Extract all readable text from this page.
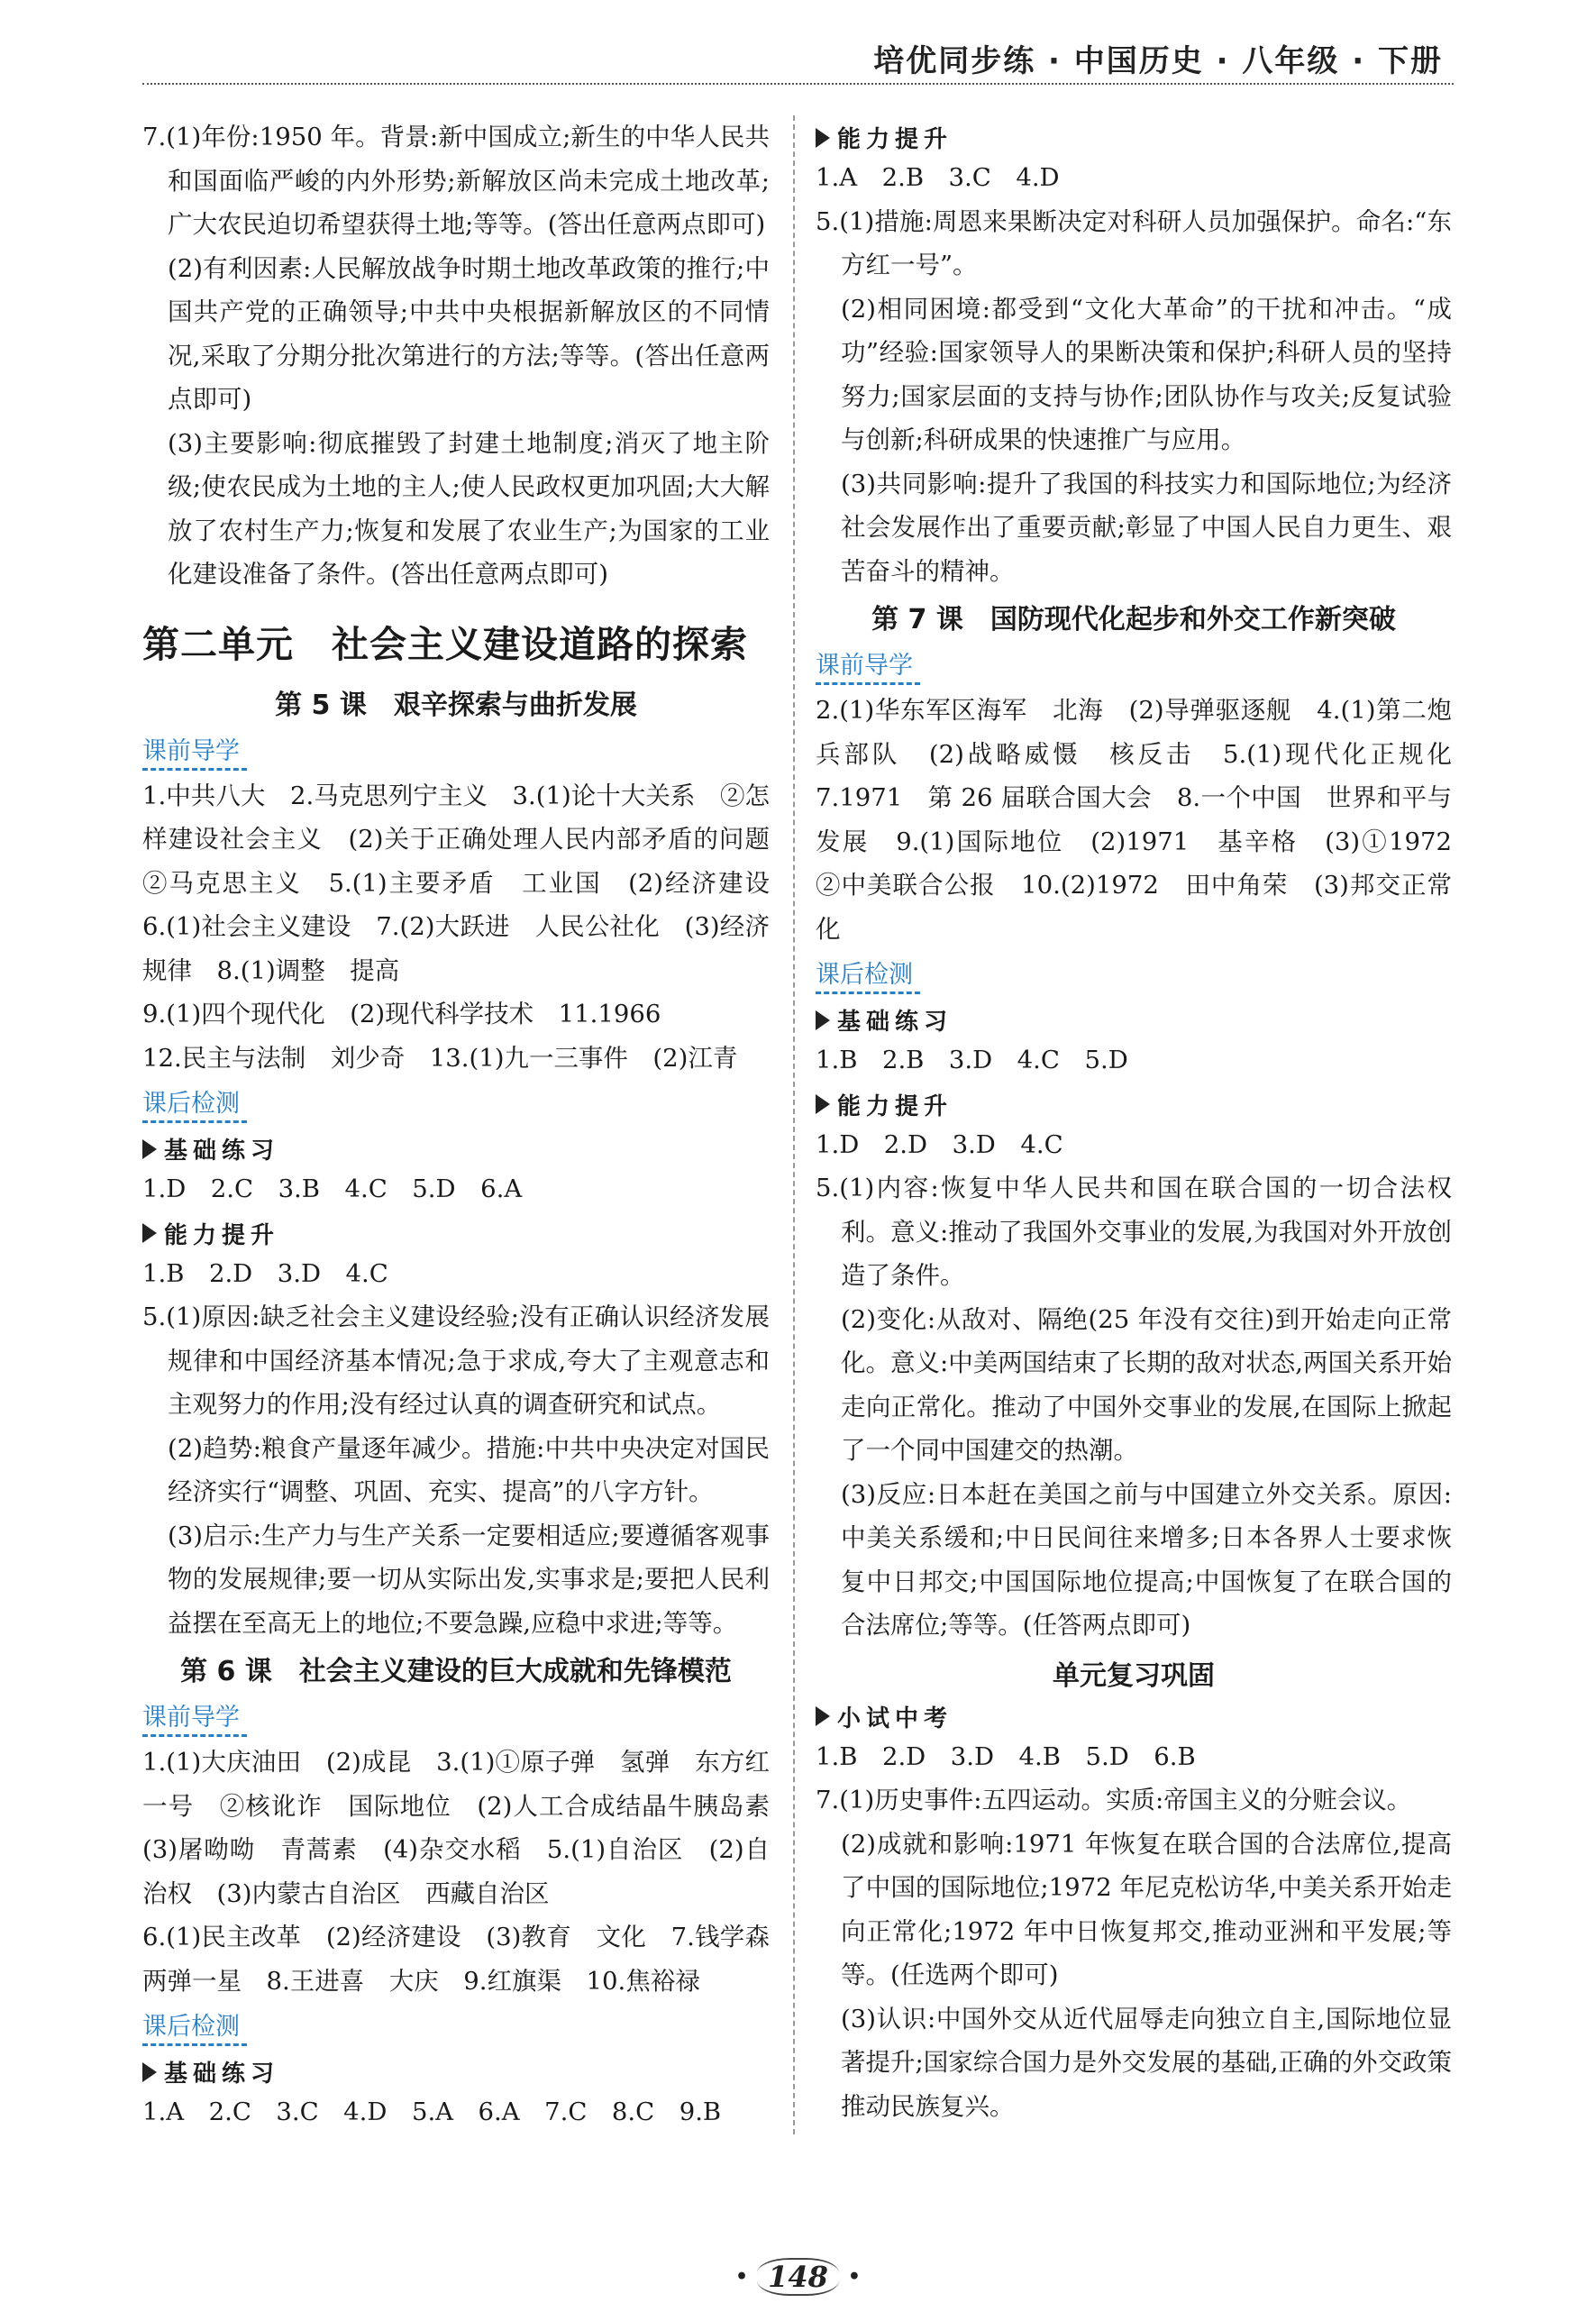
培优同步练 · 中国历史 · 八年级 · 下册

7.(1)年份:1950 年。背景:新中国成立;新生的中华人民共和国面临严峻的内外形势;新解放区尚未完成土地改革;广大农民迫切希望获得土地;等等。(答出任意两点即可)

(2)有利因素:人民解放战争时期土地改革政策的推行;中国共产党的正确领导;中共中央根据新解放区的不同情况,采取了分期分批次第进行的方法;等等。(答出任意两点即可)

(3)主要影响:彻底摧毁了封建土地制度;消灭了地主阶级;使农民成为土地的主人;使人民政权更加巩固;大大解放了农村生产力;恢复和发展了农业生产;为国家的工业化建设准备了条件。(答出任意两点即可)

第二单元　社会主义建设道路的探索
第 5 课　艰辛探索与曲折发展
课前导学

1.中共八大　2.马克思列宁主义　3.(1)论十大关系　②怎样建设社会主义　(2)关于正确处理人民内部矛盾的问题　②马克思主义　5.(1)主要矛盾　工业国　(2)经济建设　6.(1)社会主义建设　7.(2)大跃进　人民公社化　(3)经济规律　8.(1)调整　提高

9.(1)四个现代化　(2)现代科学技术　11.1966

12.民主与法制　刘少奇　13.(1)九一三事件　(2)江青

课后检测
基础练习

1.D　2.C　3.B　4.C　5.D　6.A

能力提升

1.B　2.D　3.D　4.C

5.(1)原因:缺乏社会主义建设经验;没有正确认识经济发展规律和中国经济基本情况;急于求成,夸大了主观意志和主观努力的作用;没有经过认真的调查研究和试点。

(2)趋势:粮食产量逐年减少。措施:中共中央决定对国民经济实行“调整、巩固、充实、提高”的八字方针。

(3)启示:生产力与生产关系一定要相适应;要遵循客观事物的发展规律;要一切从实际出发,实事求是;要把人民利益摆在至高无上的地位;不要急躁,应稳中求进;等等。

第 6 课　社会主义建设的巨大成就和先锋模范
课前导学

1.(1)大庆油田　(2)成昆　3.(1)①原子弹　氢弹　东方红一号　②核讹诈　国际地位　(2)人工合成结晶牛胰岛素　(3)屠呦呦　青蒿素　(4)杂交水稻　5.(1)自治区　(2)自治权　(3)内蒙古自治区　西藏自治区

6.(1)民主改革　(2)经济建设　(3)教育　文化　7.钱学森　两弹一星　8.王进喜　大庆　9.红旗渠　10.焦裕禄

课后检测
基础练习

1.A　2.C　3.C　4.D　5.A　6.A　7.C　8.C　9.B

能力提升

1.A　2.B　3.C　4.D

5.(1)措施:周恩来果断决定对科研人员加强保护。命名:“东方红一号”。

(2)相同困境:都受到“文化大革命”的干扰和冲击。“成功”经验:国家领导人的果断决策和保护;科研人员的坚持努力;国家层面的支持与协作;团队协作与攻关;反复试验与创新;科研成果的快速推广与应用。

(3)共同影响:提升了我国的科技实力和国际地位;为经济社会发展作出了重要贡献;彰显了中国人民自力更生、艰苦奋斗的精神。

第 7 课　国防现代化起步和外交工作新突破
课前导学

2.(1)华东军区海军　北海　(2)导弹驱逐舰　4.(1)第二炮兵部队　(2)战略威慑　核反击　5.(1)现代化正规化　7.1971　第 26 届联合国大会　8.一个中国　世界和平与发展　9.(1)国际地位　(2)1971　基辛格　(3)①1972　②中美联合公报　10.(2)1972　田中角荣　(3)邦交正常化

课后检测
基础练习

1.B　2.B　3.D　4.C　5.D

能力提升

1.D　2.D　3.D　4.C

5.(1)内容:恢复中华人民共和国在联合国的一切合法权利。意义:推动了我国外交事业的发展,为我国对外开放创造了条件。

(2)变化:从敌对、隔绝(25 年没有交往)到开始走向正常化。意义:中美两国结束了长期的敌对状态,两国关系开始走向正常化。推动了中国外交事业的发展,在国际上掀起了一个同中国建交的热潮。

(3)反应:日本赶在美国之前与中国建立外交关系。原因:中美关系缓和;中日民间往来增多;日本各界人士要求恢复中日邦交;中国国际地位提高;中国恢复了在联合国的合法席位;等等。(任答两点即可)

单元复习巩固
小试中考

1.B　2.D　3.D　4.B　5.D　6.B

7.(1)历史事件:五四运动。实质:帝国主义的分赃会议。

(2)成就和影响:1971 年恢复在联合国的合法席位,提高了中国的国际地位;1972 年尼克松访华,中美关系开始走向正常化;1972 年中日恢复邦交,推动亚洲和平发展;等等。(任选两个即可)

(3)认识:中国外交从近代屈辱走向独立自主,国际地位显著提升;国家综合国力是外交发展的基础,正确的外交政策推动民族复兴。

• 148	•
